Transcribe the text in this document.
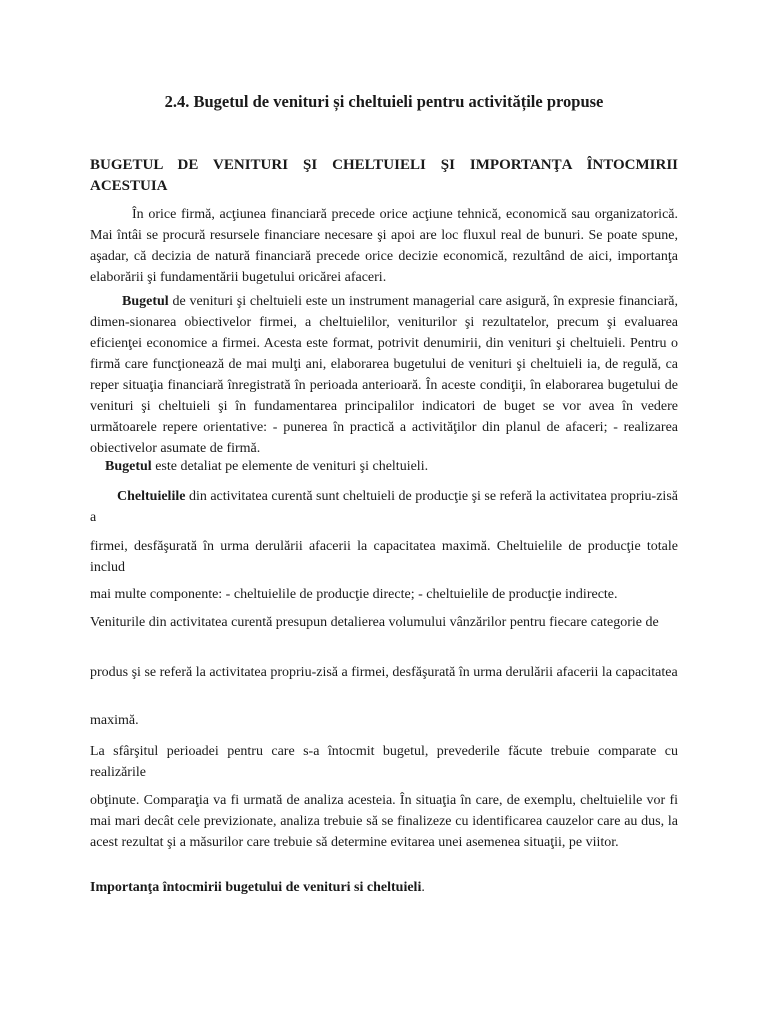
2.4. Bugetul de venituri și cheltuieli pentru activitățile propuse
BUGETUL DE VENITURI ŞI CHELTUIELI ŞI IMPORTANŢA ÎNTOCMIRII ACESTUIA

În orice firmă, acţiunea financiară precede orice acţiune tehnică, economică sau organizatorică. Mai întâi se procură resursele financiare necesare şi apoi are loc fluxul real de bunuri. Se poate spune, aşadar, că decizia de natură financiară precede orice decizie economică, rezultând de aici, importanţa elaborării şi fundamentării bugetului oricărei afaceri.

Bugetul de venituri şi cheltuieli este un instrument managerial care asigură, în expresie financiară, dimen-sionarea obiectivelor firmei, a cheltuielilor, veniturilor şi rezultatelor, precum şi evaluarea eficienţei economice a firmei. Acesta este format, potrivit denumirii, din venituri şi cheltuieli. Pentru o firmă care funcţionează de mai mulţi ani, elaborarea bugetului de venituri şi cheltuieli ia, de regulă, ca reper situaţia financiară înregistrată în perioada anterioară. În aceste condiţii, în elaborarea bugetului de venituri şi cheltuieli şi în fundamentarea principalilor indicatori de buget se vor avea în vedere următoarele repere orientative: - punerea în practică a activităţilor din planul de afaceri; - realizarea obiectivelor asumate de firmă.

Bugetul este detaliat pe elemente de venituri şi cheltuieli.

Cheltuielile din activitatea curentă sunt cheltuieli de producţie şi se referă la activitatea propriu-zisă a

firmei, desfăşurată în urma derulării afacerii la capacitatea maximă. Cheltuielile de producţie totale includ

mai multe componente: - cheltuielile de producţie directe; - cheltuielile de producţie indirecte.

Veniturile din activitatea curentă presupun detalierea volumului vânzărilor pentru fiecare categorie de

produs şi se referă la activitatea propriu-zisă a firmei, desfăşurată în urma derulării afacerii la capacitatea

maximă.

La sfârşitul perioadei pentru care s-a întocmit bugetul, prevederile făcute trebuie comparate cu realizările

obţinute. Comparaţia va fi urmată de analiza acesteia. În situaţia în care, de exemplu, cheltuielile vor fi mai mari decât cele previzionate, analiza trebuie să se finalizeze cu identificarea cauzelor care au dus, la acest rezultat şi a măsurilor care trebuie să determine evitarea unei asemenea situaţii, pe viitor.

Importanţa întocmirii bugetului de venituri si cheltuieli.
